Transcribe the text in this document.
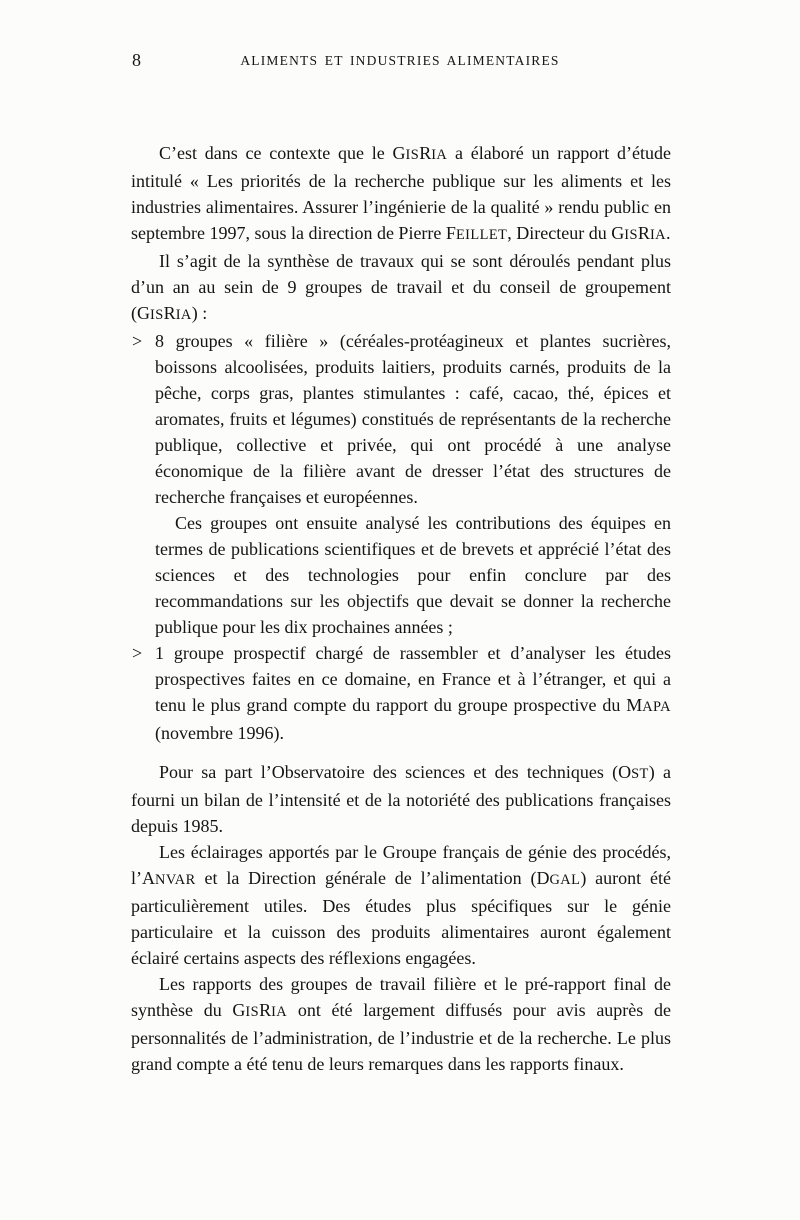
8	ALIMENTS ET INDUSTRIES ALIMENTAIRES

C’est dans ce contexte que le GISRIA a élaboré un rapport d’étude intitulé « Les priorités de la recherche publique sur les aliments et les industries alimentaires. Assurer l’ingénierie de la qualité » rendu public en septembre 1997, sous la direction de Pierre FEILLET, Directeur du GISRIA.

Il s’agit de la synthèse de travaux qui se sont déroulés pendant plus d’un an au sein de 9 groupes de travail et du conseil de groupement (GISRIA) :

> 8 groupes « filière » (céréales-protéagineux et plantes sucrières, boissons alcoolisées, produits laitiers, produits carnés, produits de la pêche, corps gras, plantes stimulantes : café, cacao, thé, épices et aromates, fruits et légumes) constitués de représentants de la recherche publique, collective et privée, qui ont procédé à une analyse économique de la filière avant de dresser l’état des structures de recherche françaises et européennes.

Ces groupes ont ensuite analysé les contributions des équipes en termes de publications scientifiques et de brevets et apprécié l’état des sciences et des technologies pour enfin conclure par des recommandations sur les objectifs que devait se donner la recherche publique pour les dix prochaines années ;

> 1 groupe prospectif chargé de rassembler et d’analyser les études prospectives faites en ce domaine, en France et à l’étranger, et qui a tenu le plus grand compte du rapport du groupe prospective du MAPA (novembre 1996).

Pour sa part l’Observatoire des sciences et des techniques (OST) a fourni un bilan de l’intensité et de la notoriété des publications françaises depuis 1985.

Les éclairages apportés par le Groupe français de génie des procédés, l’ANVAR et la Direction générale de l’alimentation (DGAL) auront été particulièrement utiles. Des études plus spécifiques sur le génie particulaire et la cuisson des produits alimentaires auront également éclairé certains aspects des réflexions engagées.

Les rapports des groupes de travail filière et le pré-rapport final de synthèse du GISRIA ont été largement diffusés pour avis auprès de personnalités de l’administration, de l’industrie et de la recherche. Le plus grand compte a été tenu de leurs remarques dans les rapports finaux.
